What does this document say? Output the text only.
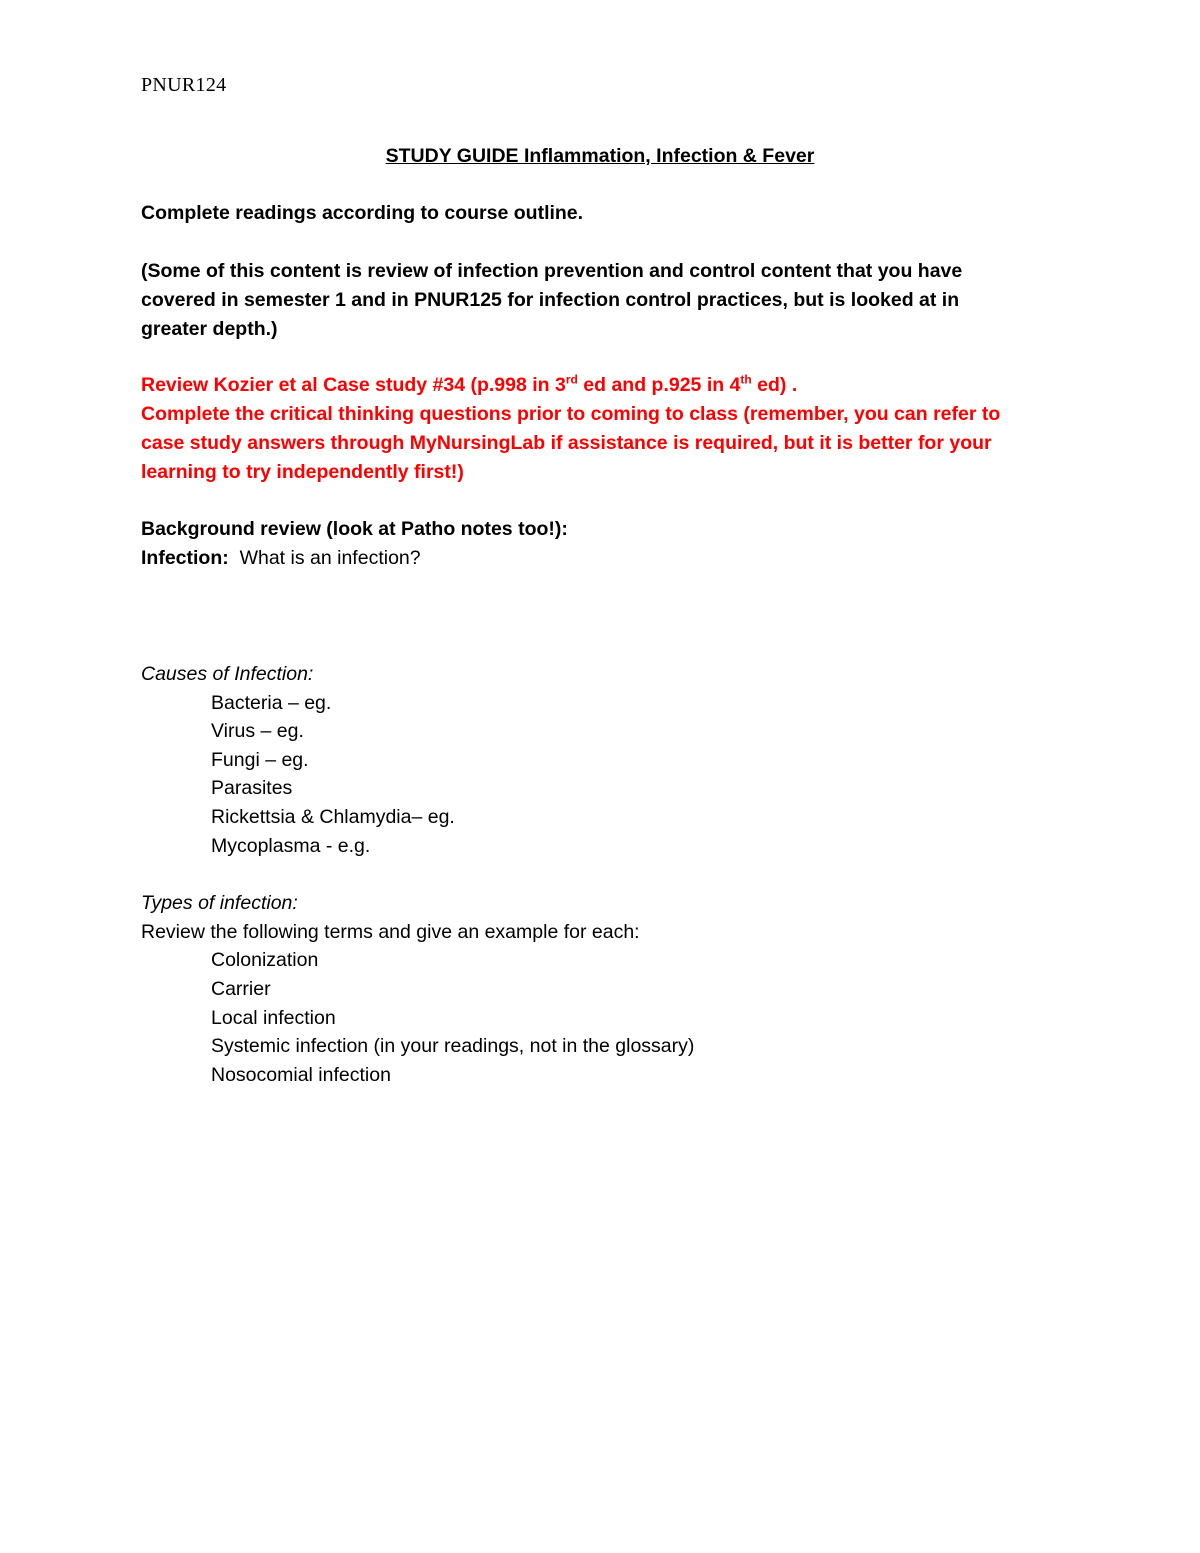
PNUR124
STUDY GUIDE Inflammation, Infection & Fever
Complete readings according to course outline.
(Some of this content is review of infection prevention and control content that you have
covered in semester 1 and in PNUR125 for infection control practices, but is looked at in
greater depth.)
Review Kozier et al Case study #34 (p.998 in 3rd ed and p.925 in 4th ed) .
Complete the critical thinking questions prior to coming to class (remember, you can refer to
case study answers through MyNursingLab if assistance is required, but it is better for your
learning to try independently first!)
Background review (look at Patho notes too!):
Infection:  What is an infection?
Causes of Infection:
Bacteria – eg.
Virus – eg.
Fungi – eg.
Parasites
Rickettsia & Chlamydia– eg.
Mycoplasma - e.g.
Types of infection:
Review the following terms and give an example for each:
Colonization
Carrier
Local infection
Systemic infection (in your readings, not in the glossary)
Nosocomial infection
